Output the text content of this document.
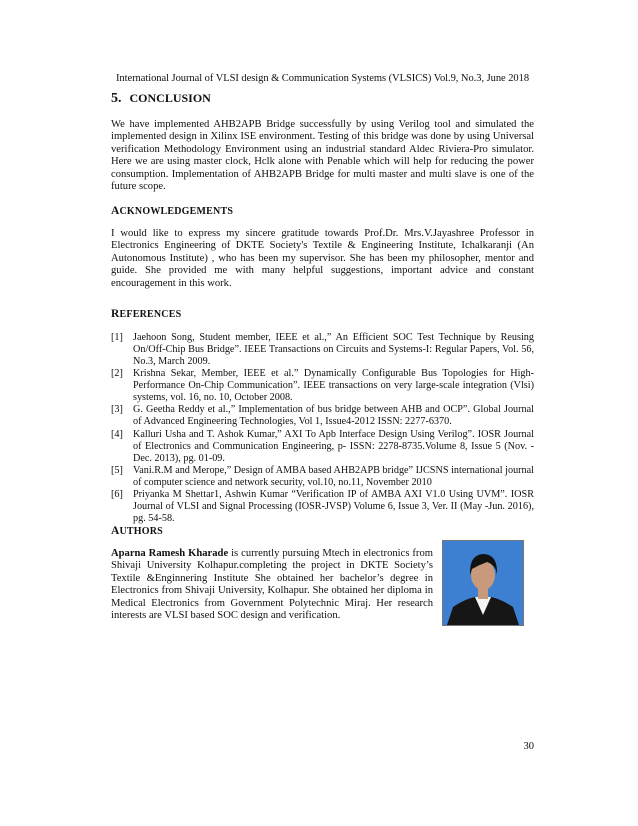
International Journal of VLSI design & Communication Systems (VLSICS) Vol.9, No.3, June 2018
5. CONCLUSION

We have implemented AHB2APB Bridge successfully by using Verilog tool and simulated the implemented design in Xilinx ISE environment. Testing of this bridge was done by using Universal verification Methodology Environment using an industrial standard Aldec Riviera-Pro simulator. Here we are using master clock, Hclk alone with Penable which will help for reducing the power consumption. Implementation of AHB2APB Bridge for multi master and multi slave is one of the future scope.

ACKNOWLEDGEMENTS

I would like to express my sincere gratitude towards Prof.Dr. Mrs.V.Jayashree Professor in Electronics Engineering of DKTE Society's Textile & Engineering Institute, Ichalkaranji (An Autonomous Institute) , who has been my supervisor. She has been my philosopher, mentor and guide. She provided me with many helpful suggestions, important advice and constant encouragement in this work.

REFERENCES
[1] Jaehoon Song, Student member, IEEE et al.,” An Efficient SOC Test Technique by Reusing On/Off-Chip Bus Bridge”. IEEE Transactions on Circuits and Systems-I: Regular Papers, Vol. 56, No.3, March 2009.
[2] Krishna Sekar, Member, IEEE et al.” Dynamically Configurable Bus Topologies for High-Performance On-Chip Communication”. IEEE transactions on very large-scale integration (Vlsi) systems, vol. 16, no. 10, October 2008.
[3] G. Geetha Reddy et al.,” Implementation of bus bridge between AHB and OCP”. Global Journal of Advanced Engineering Technologies, Vol 1, Issue4-2012 ISSN: 2277-6370.
[4] Kalluri Usha and T. Ashok Kumar,” AXI To Apb Interface Design Using Verilog”. IOSR Journal of Electronics and Communication Engineering, p- ISSN: 2278-8735.Volume 8, Issue 5 (Nov. - Dec. 2013), pg. 01-09.
[5] Vani.R.M and Merope,” Design of AMBA based AHB2APB bridge” IJCSNS international journal of computer science and network security, vol.10, no.11, November 2010
[6] Priyanka M Shettar1, Ashwin Kumar “Verification IP of AMBA AXI V1.0 Using UVM”. IOSR Journal of VLSI and Signal Processing (IOSR-JVSP) Volume 6, Issue 3, Ver. II (May -Jun. 2016), pg. 54-58.
AUTHORS

Aparna Ramesh Kharade is currently pursuing Mtech in electronics from Shivaji University Kolhapur.completing the project in DKTE Society’s Textile &Enginnering Institute She obtained her bachelor’s degree in Electronics from Shivaji University, Kolhapur. She obtained her diploma in Medical Electronics from Government Polytechnic Miraj. Her research interests are VLSI based SOC design and verification.

30
